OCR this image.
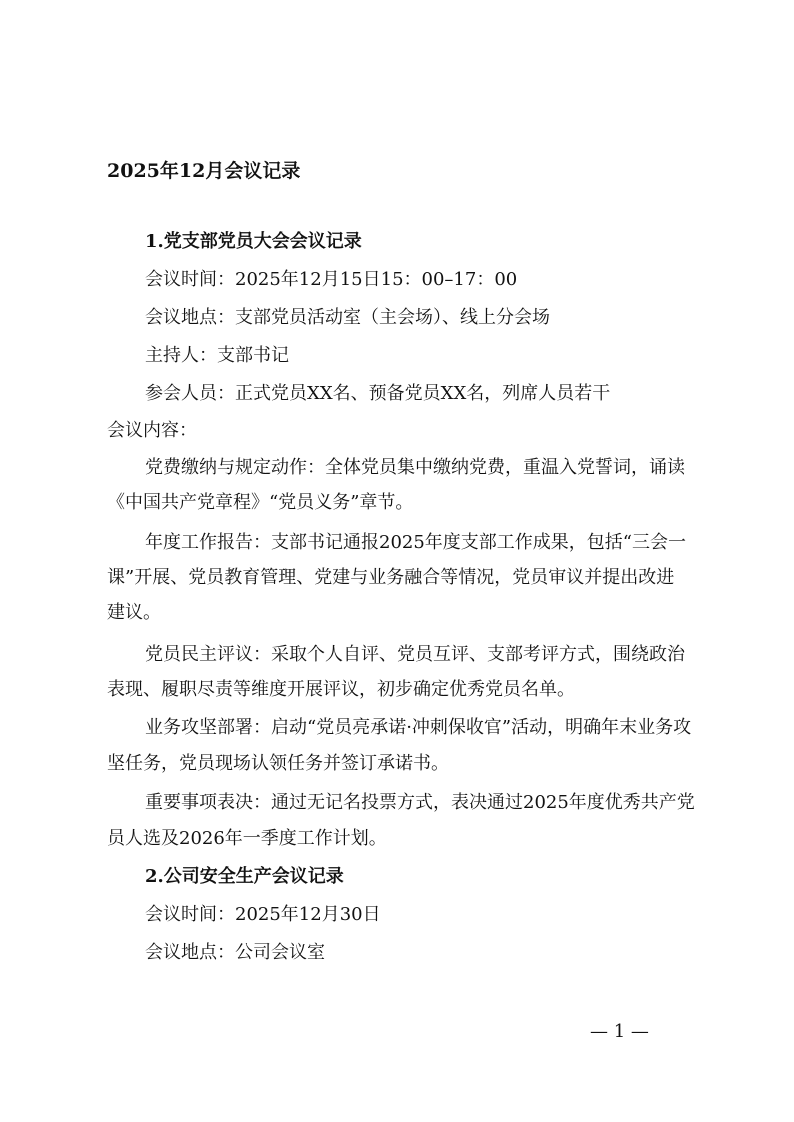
2025年12月会议记录
1.党支部党员大会会议记录
会议时间：2025年12月15日15：00–17：00
会议地点：支部党员活动室（主会场）、线上分会场
主持人：支部书记
参会人员：正式党员XX名、预备党员XX名，列席人员若干
会议内容：
党费缴纳与规定动作：全体党员集中缴纳党费，重温入党誓词，诵读
《中国共产党章程》“党员义务”章节。
年度工作报告：支部书记通报2025年度支部工作成果，包括“三会一
课”开展、党员教育管理、党建与业务融合等情况，党员审议并提出改进
建议。
党员民主评议：采取个人自评、党员互评、支部考评方式，围绕政治
表现、履职尽责等维度开展评议，初步确定优秀党员名单。
业务攻坚部署：启动“党员亮承诺·冲刺保收官”活动，明确年末业务攻
坚任务，党员现场认领任务并签订承诺书。
重要事项表决：通过无记名投票方式，表决通过2025年度优秀共产党
员人选及2026年一季度工作计划。
2.公司安全生产会议记录
会议时间：2025年12月30日
会议地点：公司会议室
— 1 —
